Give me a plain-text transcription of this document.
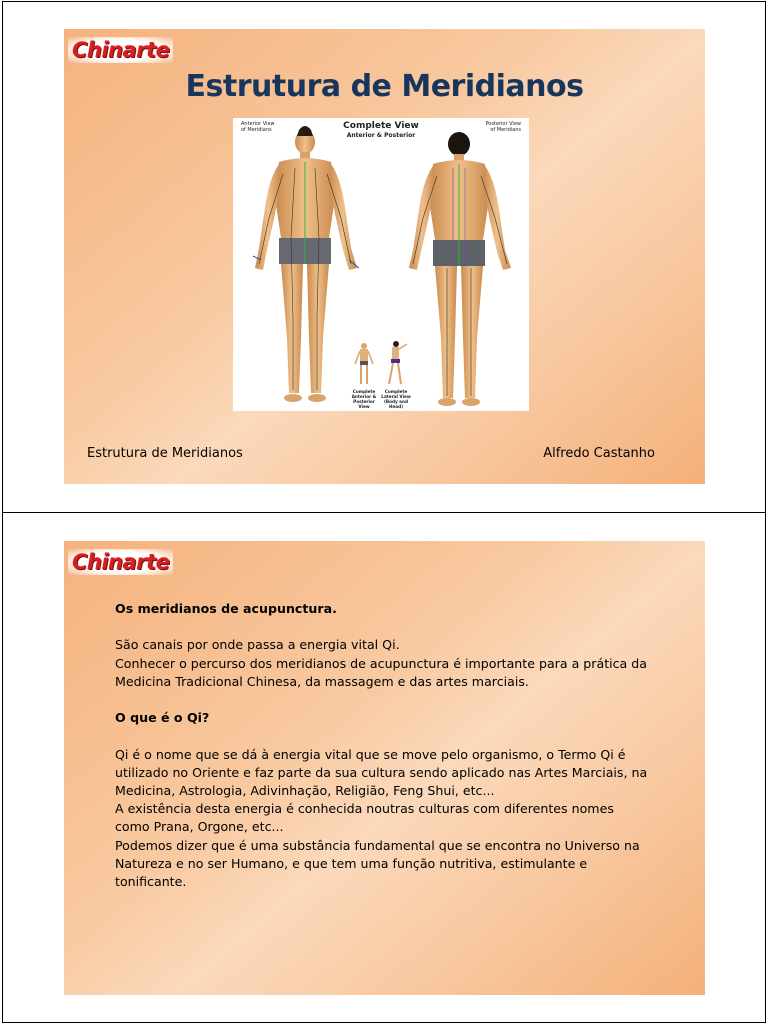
Chinarte
Estrutura de Meridianos
Anterior View
of Meridians	Complete View
Anterior & Posterior
Posterior View
of Meridians
Complete
Anterior &
Posterior
View
Complete
Lateral View
(Body and
Head)
Estrutura de Meridianos	Alfredo Castanho
Chinarte

Os meridianos de acupunctura.

São canais por onde passa a energia vital Qi.

Conhecer o percurso dos meridianos de acupunctura é importante para a prática da

Medicina Tradicional Chinesa, da massagem e das artes marciais.

O que é o Qi?

Qi é o nome que se dá à energia vital que se move pelo organismo, o Termo Qi é

utilizado no Oriente e faz parte da sua cultura sendo aplicado nas Artes Marciais, na

Medicina, Astrologia, Adivinhação, Religião, Feng Shui, etc...

A existência desta energia é conhecida noutras culturas com diferentes nomes

como Prana, Orgone, etc...

Podemos dizer que é uma substância fundamental que se encontra no Universo na

Natureza e no ser Humano, e que tem uma função nutritiva, estimulante e

tonificante.
